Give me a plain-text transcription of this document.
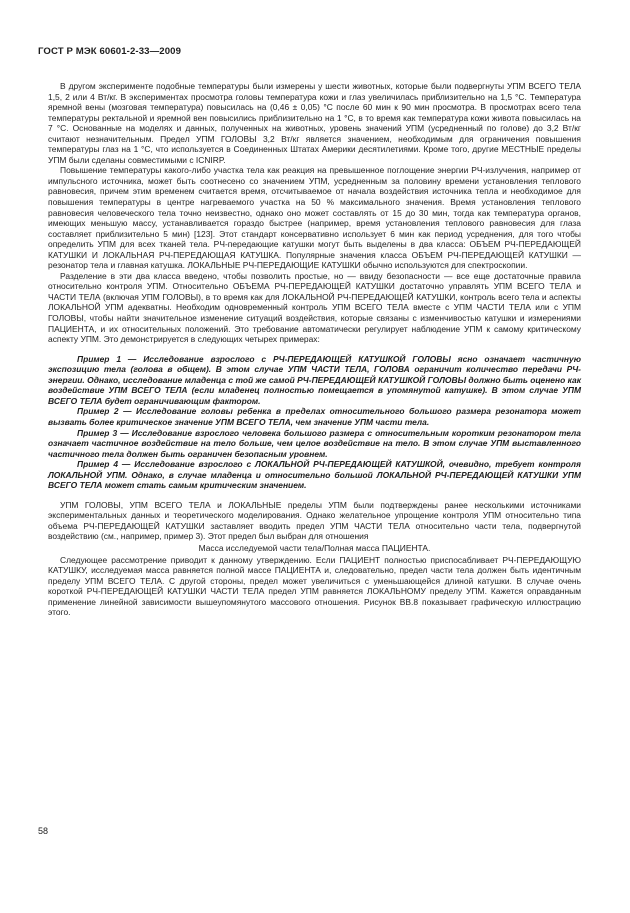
ГОСТ Р МЭК 60601-2-33—2009

В другом эксперименте подобные температуры были измерены у шести животных, которые были подвергнуты УПМ ВСЕГО ТЕЛА 1,5, 2 или 4 Вт/кг. В экспериментах просмотра головы температура кожи и глаз увеличилась приблизительно на 1,5 °С. Температура яремной вены (мозговая температура) повысилась на (0,46 ± 0,05) °С после 60 мин к 90 мин просмотра. В просмотрах всего тела температуры ректальной и яремной вен повысились приблизительно на 1 °С, в то время как температура кожи живота повысилась на 7 °С. Основанные на моделях и данных, полученных на животных, уровень значений УПМ (усредненный по голове) до 3,2 Вт/кг считают незначительным. Предел УПМ ГОЛОВЫ 3,2 Вт/кг является значением, необходимым для ограничения повышения температуры глаз на 1 °С, что используется в Соединенных Штатах Америки десятилетиями. Кроме того, другие МЕСТНЫЕ пределы УПМ были сделаны совместимыми с ICNIRP.

Повышение температуры какого-либо участка тела как реакция на превышенное поглощение энергии РЧ-излучения, например от импульсного источника, может быть соотнесено со значением УПМ, усредненным за половину времени установления теплового равновесия, причем этим временем считается время, отсчитываемое от начала воздействия источника тепла и необходимое для повышения температуры в центре нагреваемого участка на 50 % максимального значения. Время установления теплового равновесия человеческого тела точно неизвестно, однако оно может составлять от 15 до 30 мин, тогда как температура органов, имеющих меньшую массу, устанавливается гораздо быстрее (например, время установления теплового равновесия для глаза составляет приблизительно 5 мин) [123]. Этот стандарт консервативно использует 6 мин как период усреднения, для того чтобы определить УПМ для всех тканей тела. РЧ-передающие катушки могут быть выделены в два класса: ОБЪЕМ РЧ-ПЕРЕДАЮЩЕЙ КАТУШКИ И ЛОКАЛЬНАЯ РЧ-ПЕРЕДАЮЩАЯ КАТУШКА. Популярные значения класса ОБЪЕМ РЧ-ПЕРЕДАЮЩЕЙ КАТУШКИ — резонатор тела и главная катушка. ЛОКАЛЬНЫЕ РЧ-ПЕРЕДАЮЩИЕ КАТУШКИ обычно используются для спектроскопии.

Разделение в эти два класса введено, чтобы позволить простые, но — ввиду безопасности — все еще достаточные правила относительно контроля УПМ. Относительно ОБЪЕМА РЧ-ПЕРЕДАЮЩЕЙ КАТУШКИ достаточно управлять УПМ ВСЕГО ТЕЛА и ЧАСТИ ТЕЛА (включая УПМ ГОЛОВЫ), в то время как для ЛОКАЛЬНОЙ РЧ-ПЕРЕДАЮЩЕЙ КАТУШКИ, контроль всего тела и аспекты ЛОКАЛЬНОЙ УПМ адекватны. Необходим одновременный контроль УПМ ВСЕГО ТЕЛА вместе с УПМ ЧАСТИ ТЕЛА или с УПМ ГОЛОВЫ, чтобы найти значительное изменение ситуаций воздействия, которые связаны с изменчивостью катушки и измерениями ПАЦИЕНТА, и их относительных положений. Это требование автоматически регулирует наблюдение УПМ к самому критическому аспекту УПМ. Это демонстрируется в следующих четырех примерах:

Пример 1 — Исследование взрослого с РЧ-ПЕРЕДАЮЩЕЙ КАТУШКОЙ ГОЛОВЫ ясно означает частичную экспозицию тела (голова в общем). В этом случае УПМ ЧАСТИ ТЕЛА, ГОЛОВА ограничит количество передачи РЧ-энергии. Однако, исследование младенца с той же самой РЧ-ПЕРЕДАЮЩЕЙ КАТУШКОЙ ГОЛОВЫ должно быть оценено как воздействие УПМ ВСЕГО ТЕЛА (если младенец полностью помещается в упомянутой катушке). В этом случае УПМ ВСЕГО ТЕЛА будет ограничивающим фактором.

Пример 2 — Исследование головы ребенка в пределах относительного большого размера резонатора может вызвать более критическое значение УПМ ВСЕГО ТЕЛА, чем значение УПМ части тела.

Пример 3 — Исследование взрослого человека большого размера с относительным коротким резонатором тела означает частичное воздействие на тело больше, чем целое воздействие на тело. В этом случае УПМ выставленного частичного тела должен быть ограничен безопасным уровнем.

Пример 4 — Исследование взрослого с ЛОКАЛЬНОЙ РЧ-ПЕРЕДАЮЩЕЙ КАТУШКОЙ, очевидно, требует контроля ЛОКАЛЬНОЙ УПМ. Однако, в случае младенца и относительно большой ЛОКАЛЬНОЙ РЧ-ПЕРЕДАЮЩЕЙ КАТУШКИ УПМ ВСЕГО ТЕЛА может стать самым критическим значением.

УПМ ГОЛОВЫ, УПМ ВСЕГО ТЕЛА и ЛОКАЛЬНЫЕ пределы УПМ были подтверждены ранее несколькими источниками экспериментальных данных и теоретического моделирования. Однако желательное упрощение контроля УПМ относительно типа объема РЧ-ПЕРЕДАЮЩЕЙ КАТУШКИ заставляет вводить предел УПМ ЧАСТИ ТЕЛА относительно части тела, подвергнутой воздействию (см., например, пример 3). Этот предел был выбран для отношения

Масса исследуемой части тела/Полная масса ПАЦИЕНТА.

Следующее рассмотрение приводит к данному утверждению. Если ПАЦИЕНТ полностью приспосабливает РЧ-ПЕРЕДАЮЩУЮ КАТУШКУ, исследуемая масса равняется полной массе ПАЦИЕНТА и, следовательно, предел части тела должен быть идентичным пределу УПМ ВСЕГО ТЕЛА. С другой стороны, предел может увеличиться с уменьшающейся длиной катушки. В случае очень короткой РЧ-ПЕРЕДАЮЩЕЙ КАТУШКИ ЧАСТИ ТЕЛА предел УПМ равняется ЛОКАЛЬНОМУ пределу УПМ. Кажется оправданным применение линейной зависимости вышеупомянутого массового отношения. Рисунок ВВ.8 показывает графическую иллюстрацию этого.

58
